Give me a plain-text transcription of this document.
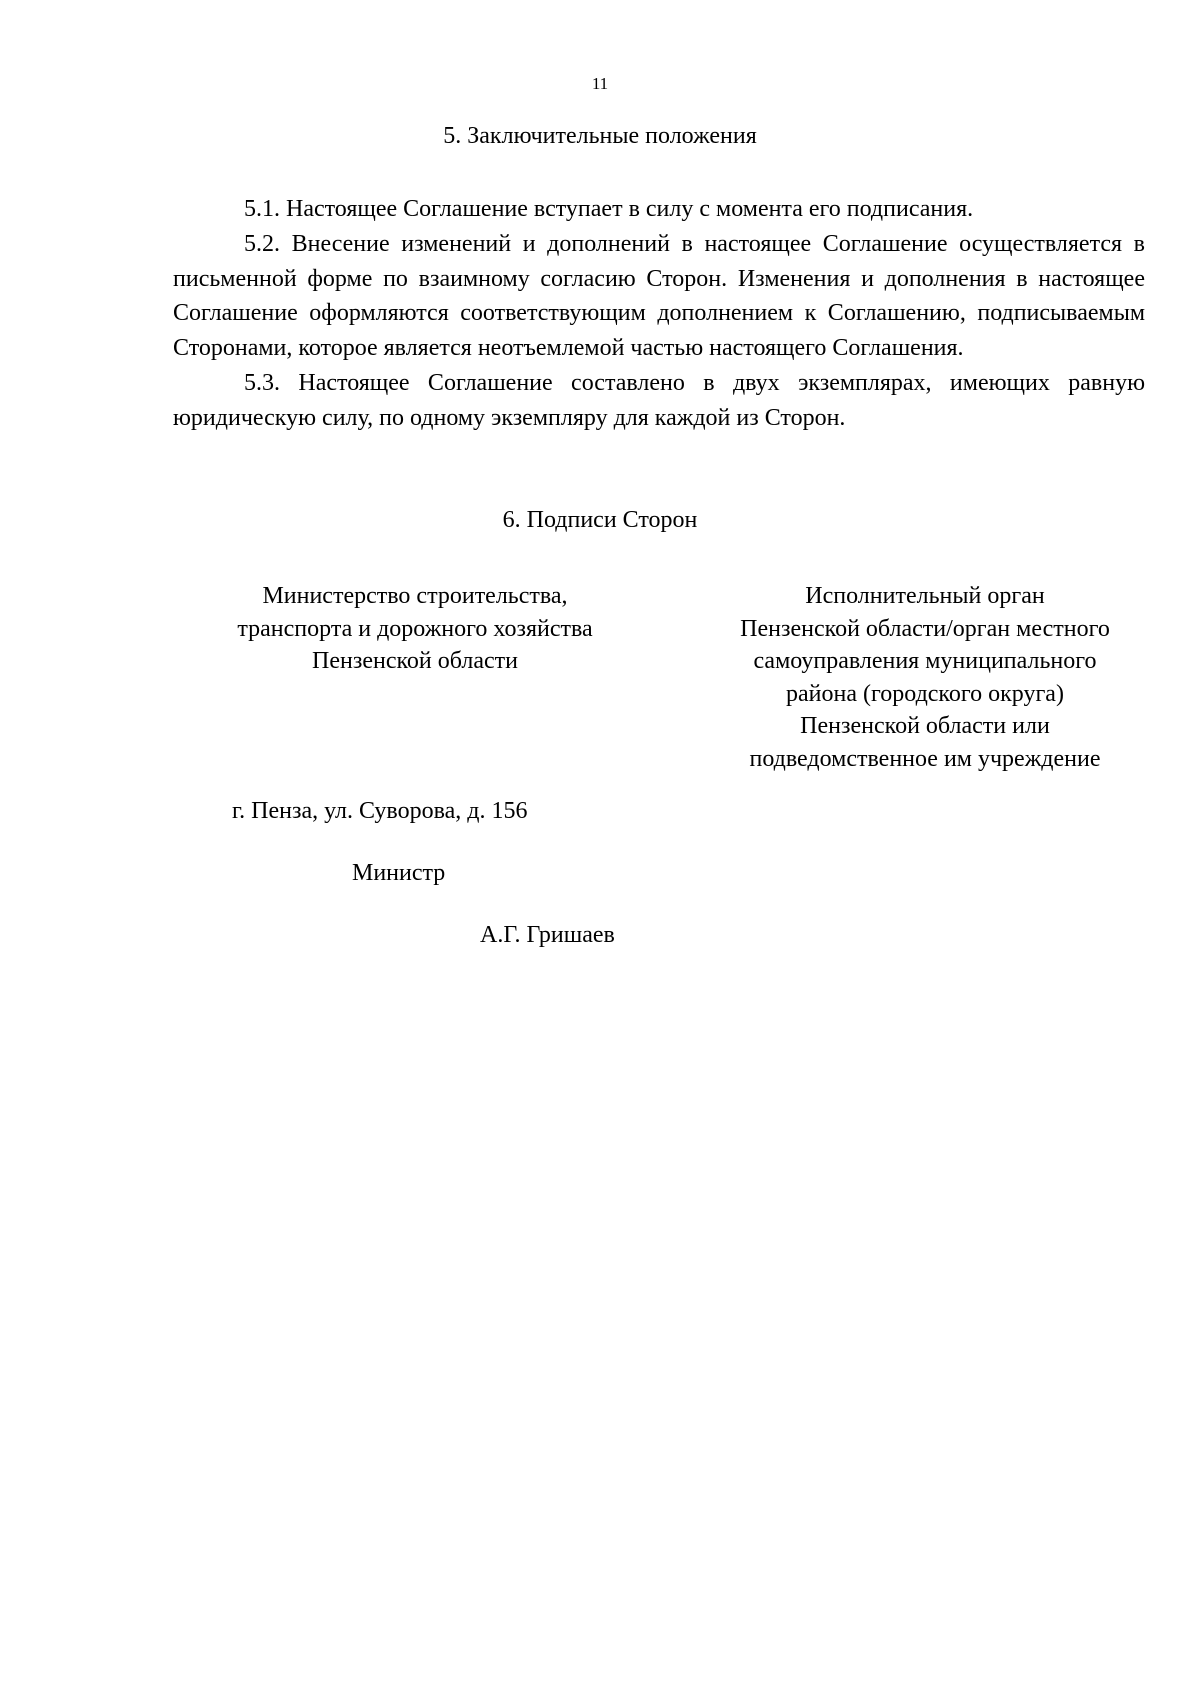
11
5. Заключительные положения

5.1. Настоящее Соглашение вступает в силу с момента его подписания.

5.2. Внесение изменений и дополнений в настоящее Соглашение осуществляется в письменной форме по взаимному согласию Сторон. Изменения и дополнения в настоящее Соглашение оформляются соответствующим дополнением к Соглашению, подписываемым Сторонами, которое является неотъемлемой частью настоящего Соглашения.

5.3. Настоящее Соглашение составлено в двух экземплярах, имеющих равную юридическую силу, по одному экземпляру для каждой из Сторон.

6. Подписи Сторон
Министерство строительства,
транспорта и дорожного хозяйства
Пензенской области
Исполнительный орган
Пензенской области/орган местного
самоуправления муниципального
района (городского округа)
Пензенской области или
подведомственное им учреждение
г. Пенза, ул. Суворова, д. 156
Министр
А.Г. Гришаев
